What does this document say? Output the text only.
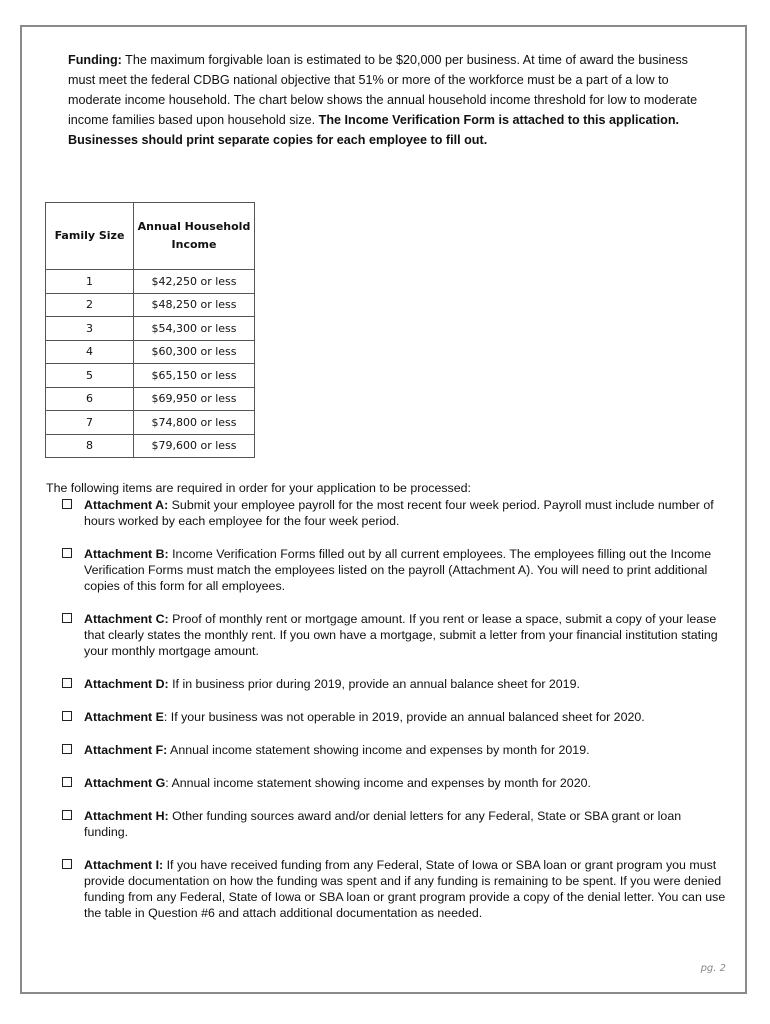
Funding: The maximum forgivable loan is estimated to be $20,000 per business. At time of award the business must meet the federal CDBG national objective that 51% or more of the workforce must be a part of a low to moderate income household. The chart below shows the annual household income threshold for low to moderate income families based upon household size. The Income Verification Form is attached to this application. Businesses should print separate copies for each employee to fill out.

Family Size	Annual Household Income
1	$42,250 or less
2	$48,250 or less
3	$54,300 or less
4	$60,300 or less
5	$65,150 or less
6	$69,950 or less
7	$74,800 or less
8	$79,600 or less

The following items are required in order for your application to be processed:

Attachment A: Submit your employee payroll for the most recent four week period. Payroll must include number of hours worked by each employee for the four week period.
Attachment B: Income Verification Forms filled out by all current employees. The employees filling out the Income Verification Forms must match the employees listed on the payroll (Attachment A). You will need to print additional copies of this form for all employees.
Attachment C: Proof of monthly rent or mortgage amount. If you rent or lease a space, submit a copy of your lease that clearly states the monthly rent. If you own have a mortgage, submit a letter from your financial institution stating your monthly mortgage amount.
Attachment D: If in business prior during 2019, provide an annual balance sheet for 2019.
Attachment E: If your business was not operable in 2019, provide an annual balanced sheet for 2020.
Attachment F: Annual income statement showing income and expenses by month for 2019.
Attachment G: Annual income statement showing income and expenses by month for 2020.
Attachment H: Other funding sources award and/or denial letters for any Federal, State or SBA grant or loan funding.
Attachment I: If you have received funding from any Federal, State of Iowa or SBA loan or grant program you must provide documentation on how the funding was spent and if any funding is remaining to be spent. If you were denied funding from any Federal, State of Iowa or SBA loan or grant program provide a copy of the denial letter. You can use the table in Question #6 and attach additional documentation as needed.
pg. 2
